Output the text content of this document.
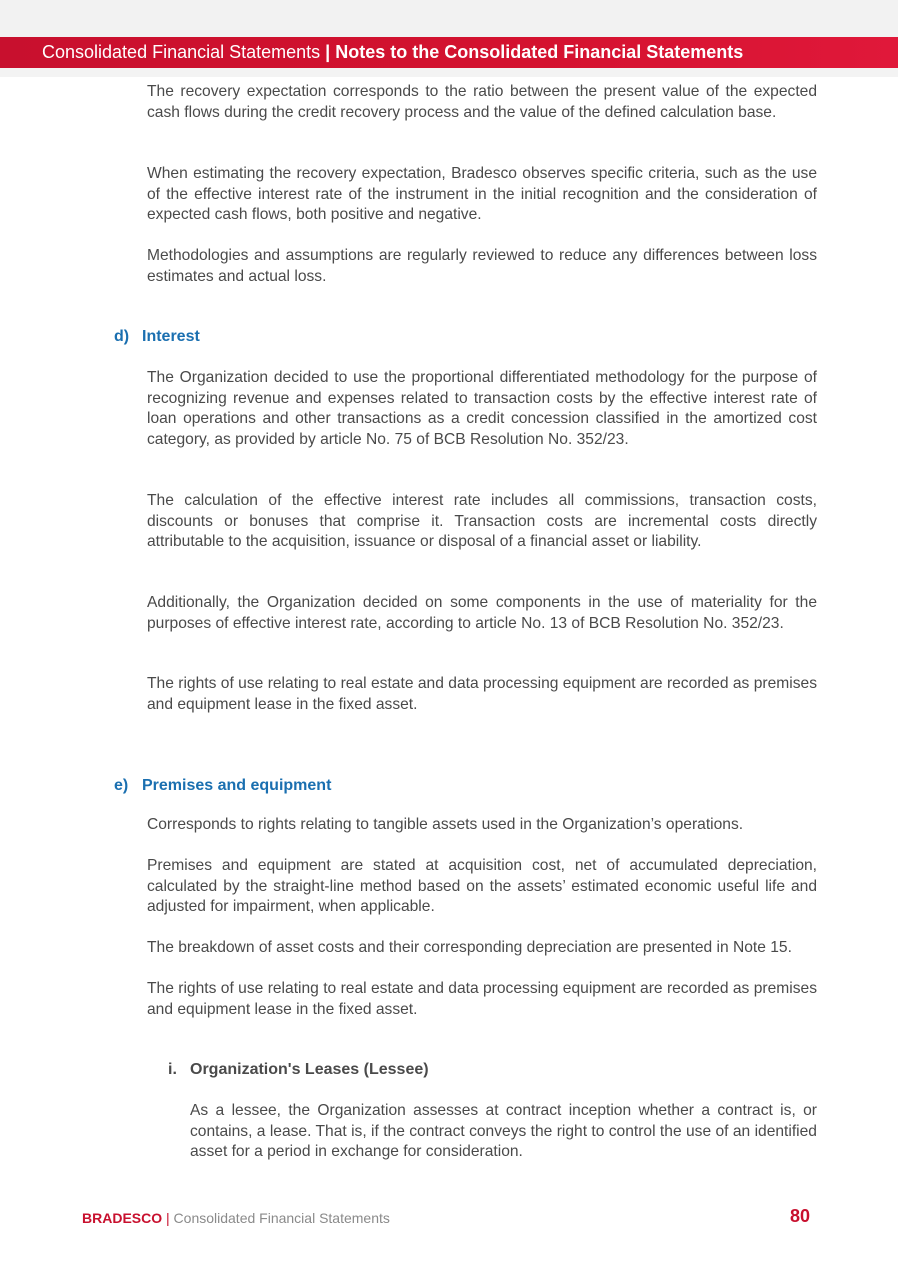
Consolidated Financial Statements | Notes to the Consolidated Financial Statements

The recovery expectation corresponds to the ratio between the present value of the expected cash flows during the credit recovery process and the value of the defined calculation base.

When estimating the recovery expectation, Bradesco observes specific criteria, such as the use of the effective interest rate of the instrument in the initial recognition and the consideration of expected cash flows, both positive and negative.

Methodologies and assumptions are regularly reviewed to reduce any differences between loss estimates and actual loss.

d) Interest

The Organization decided to use the proportional differentiated methodology for the purpose of recognizing revenue and expenses related to transaction costs by the effective interest rate of loan operations and other transactions as a credit concession classified in the amortized cost category, as provided by article No. 75 of BCB Resolution No. 352/23.

The calculation of the effective interest rate includes all commissions, transaction costs, discounts or bonuses that comprise it. Transaction costs are incremental costs directly attributable to the acquisition, issuance or disposal of a financial asset or liability.

Additionally, the Organization decided on some components in the use of materiality for the purposes of effective interest rate, according to article No. 13 of BCB Resolution No. 352/23.

The rights of use relating to real estate and data processing equipment are recorded as premises and equipment lease in the fixed asset.

e) Premises and equipment

Corresponds to rights relating to tangible assets used in the Organization’s operations.

Premises and equipment are stated at acquisition cost, net of accumulated depreciation, calculated by the straight-line method based on the assets’ estimated economic useful life and adjusted for impairment, when applicable.

The breakdown of asset costs and their corresponding depreciation are presented in Note 15.

The rights of use relating to real estate and data processing equipment are recorded as premises and equipment lease in the fixed asset.

i. Organization's Leases (Lessee)

As a lessee, the Organization assesses at contract inception whether a contract is, or contains, a lease. That is, if the contract conveys the right to control the use of an identified asset for a period in exchange for consideration.

BRADESCO | Consolidated Financial Statements	80
